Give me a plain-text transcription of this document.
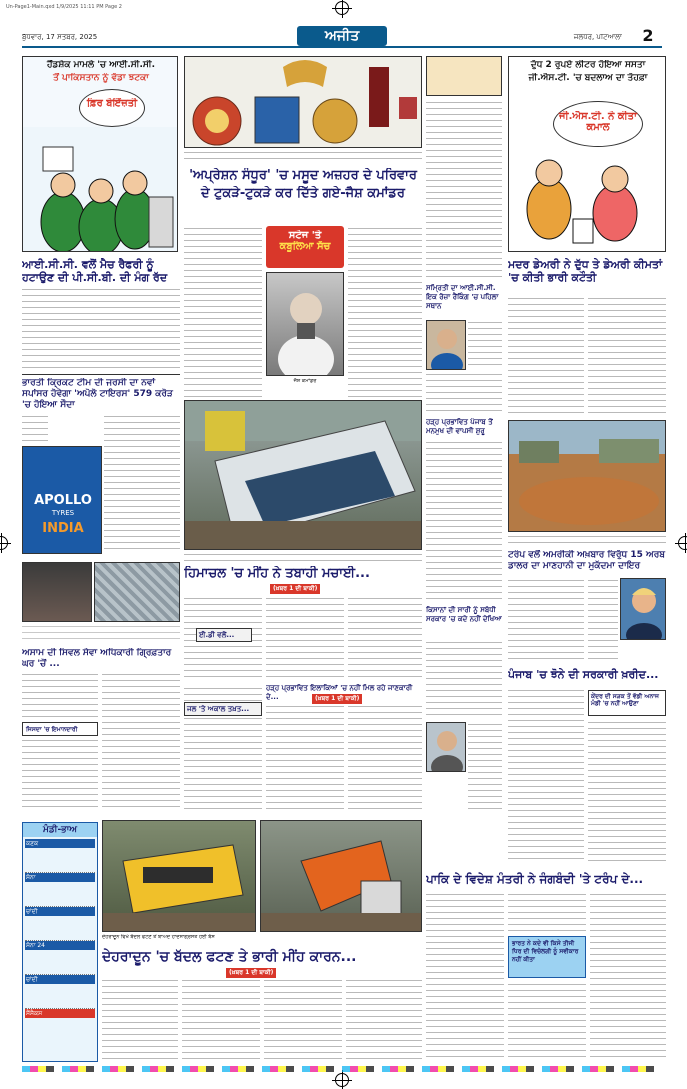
Un-Page1-Main.qxd 1/9/2025 11:11 PM Page 2
ਬੁੱਧਵਾਰ, 17 ਸਤੰਬਰ, 2025	ਅਜੀਤ	ਜਲੰਧਰ, ਪਟਿਆਲਾ	2
ਹੈਂਡਸ਼ੇਕ ਮਾਮਲੇ 'ਚ ਆਈ.ਸੀ.ਸੀ.
ਤੋਂ ਪਾਕਿਸਤਾਨ ਨੂੰ ਵੱਡਾ ਝਟਕਾ
ਫ਼ਿਰ ਬੇਇੱਜ਼ਤੀ
ਆਈ.ਸੀ.ਸੀ. ਵਲੋਂ ਮੈਚ ਰੈਫਰੀ ਨੂੰ ਹਟਾਉਣ ਦੀ ਪੀ.ਸੀ.ਬੀ. ਦੀ ਮੰਗ ਰੱਦ
ਭਾਰਤੀ ਕ੍ਰਿਕਟ ਟੀਮ ਦੀ ਜਰਸੀ ਦਾ ਨਵਾਂ ਸਪਾਂਸਰ ਹੋਵੇਗਾ 'ਅਪੋਲੋ ਟਾਇਰਸ' 579 ਕਰੋੜ 'ਚ ਹੋਇਆ ਸੌਦਾ
APOLLO
TYRES
INDIA
ਅਸਾਮ ਦੀ ਸਿਵਲ ਸੇਵਾ ਅਧਿਕਾਰੀ ਗ੍ਰਿਫ਼ਤਾਰ ਘਰ 'ਚੋਂ ...
ਜਿਸਦਾ 'ਚ ਇਮਾਨਦਾਰੀ
ਮੰਡੀ-ਭਾਅ
ਕਣਕ
ਸੋਨਾ
ਚਾਂਦੀ
ਸੋਨਾ 24
ਚਾਂਦੀ
ਸੈਂਸੈਕਸ
'ਅਪ੍ਰੇਸ਼ਨ ਸੰਧੂਰ' 'ਚ ਮਸੂਦ ਅਜ਼ਹਰ ਦੇ ਪਰਿਵਾਰ
ਦੇ ਟੁਕੜੇ-ਟੁਕੜੇ ਕਰ ਦਿੱਤੇ ਗਏ-ਜੈਸ਼ ਕਮਾਂਡਰ
ਸਟੇਜ 'ਤੇ
ਕਬੂਲਿਆ ਸੱਚ
ਜੈਸ਼ ਕਮਾਂਡਰ
ਹਿਮਾਚਲ 'ਚ ਮੀਂਹ ਨੇ ਤਬਾਹੀ ਮਚਾਈ...
(ਖ਼ਬਰ 1 ਦੀ ਬਾਕੀ)
ਈ.ਡੀ ਵਲੋਂ...
ਹੜ੍ਹ ਪ੍ਰਭਾਵਿਤ ਇਲਾਕਿਆਂ 'ਚ ਨਹੀਂ ਮਿਲ ਰਹੇ ਜਾਣਕਾਰੀ ਦੇ...	(ਖ਼ਬਰ 1 ਦੀ ਬਾਕੀ)
ਜਲ 'ਤੇ ਅਕਾਲ ਤਖ਼ਤ...
ਦੇਹਰਾਦੂਨ ਵਿਖੇ ਬੱਦਲ ਫਟਣ ਤੋਂ ਬਾਅਦ ਹਾਦਸਾਗ੍ਰਸਤ ਹੋਈ ਬੱਸ
ਦੇਹਰਾਦੂਨ 'ਚ ਬੱਦਲ ਫਟਣ ਤੇ ਭਾਰੀ ਮੀਂਹ ਕਾਰਨ...
(ਖ਼ਬਰ 1 ਦੀ ਬਾਕੀ)
ਸਮ੍ਰਿਤੀ ਦਾ ਆਈ.ਸੀ.ਸੀ. ਇਕ ਰੋਜ਼ਾ ਰੈਂਕਿੰਗ 'ਚ ਪਹਿਲਾ ਸਥਾਨ
ਹੜ੍ਹ ਪ੍ਰਭਾਵਿਤ ਪੰਜਾਬ ਤੋਂ ਮਨਮੁਖ ਦੀ ਵਾਪਸੀ ਸ਼ੁਰੂ
ਕਿਸਾਨਾਂ ਦੀ ਸਾਰੀ ਨੂੰ ਸਬੰਧੀ ਸਰਕਾਰ 'ਚ ਕਦੇ ਨਹੀਂ ਦੇਖਿਆ
ਦੁੱਧ 2 ਰੁਪਏ ਲੀਟਰ ਹੋਇਆ ਸਸਤਾ
ਜੀ.ਐਸ.ਟੀ. 'ਚ ਬਦਲਾਅ ਦਾ ਤੋਹਫ਼ਾ
ਜੀ.ਐਸ.ਟੀ. ਨੇ ਕੀਤਾ ਕਮਾਲ
ਮਦਰ ਡੇਅਰੀ ਨੇ ਦੁੱਧ ਤੇ ਡੇਅਰੀ ਕੀਮਤਾਂ 'ਚ ਕੀਤੀ ਭਾਰੀ ਕਟੌਤੀ
ਟਰੰਪ ਵਲੋਂ ਅਮਰੀਕੀ ਅਖ਼ਬਾਰ ਵਿਰੁੱਧ 15 ਅਰਬ ਡਾਲਰ ਦਾ ਮਾਣਹਾਨੀ ਦਾ ਮੁਕੱਦਮਾ ਦਾਇਰ
ਪੰਜਾਬ 'ਚ ਝੋਨੇ ਦੀ ਸਰਕਾਰੀ ਖ਼ਰੀਦ...
ਕੇਂਦਰ ਦੀ ਸੜਕ ਤੋਂ ਵੱਡੀ ਅਨਾਜ ਮੰਡੀ 'ਚ ਨਹੀਂ ਆਉਣਾ
ਪਾਕਿ ਦੇ ਵਿਦੇਸ਼ ਮੰਤਰੀ ਨੇ ਜੰਗਬੰਦੀ 'ਤੇ ਟਰੰਪ ਦੇ...
ਭਾਰਤ ਨੇ ਕਦੇ ਵੀ ਕਿਸੇ ਤੀਜੀ ਧਿਰ ਦੀ ਵਿਚੋਲਗੀ ਨੂੰ ਸਵੀਕਾਰ ਨਹੀਂ ਕੀਤਾ
